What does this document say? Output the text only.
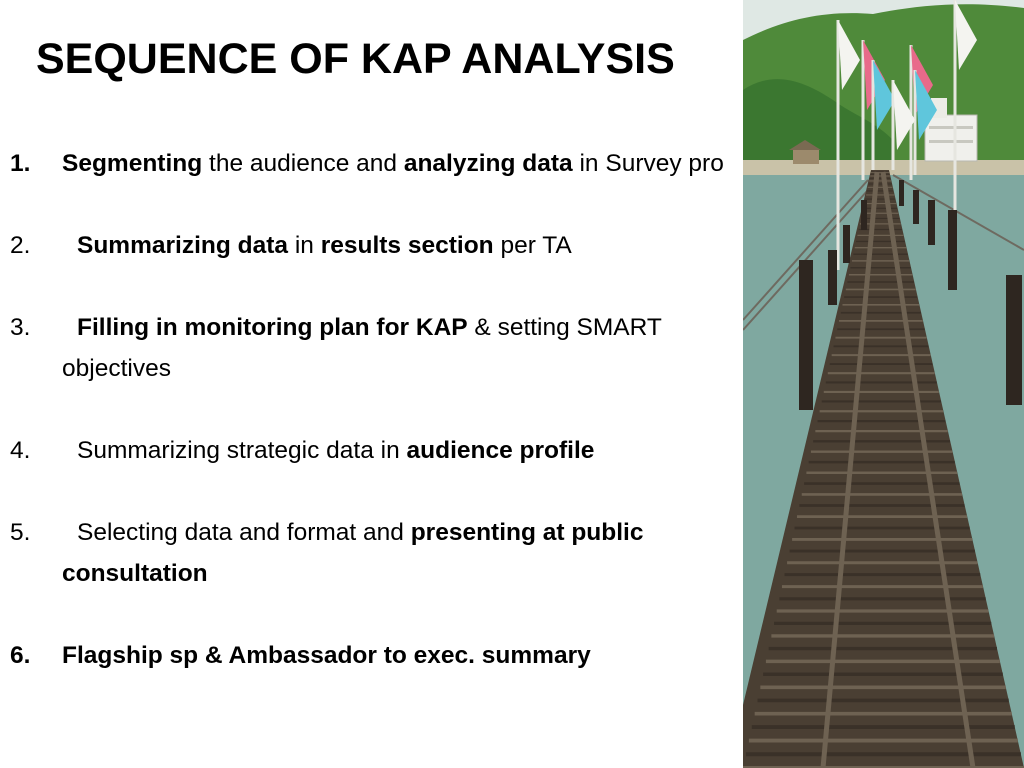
SEQUENCE OF KAP ANALYSIS
1.	Segmenting the audience and analyzing data in Survey pro
2.	Summarizing data in results section per TA
3.	Filling in monitoring plan for KAP & setting SMART objectives
4.	Summarizing strategic data in audience profile
5.	Selecting data and format and presenting at public consultation
6.	Flagship sp & Ambassador to exec. summary
